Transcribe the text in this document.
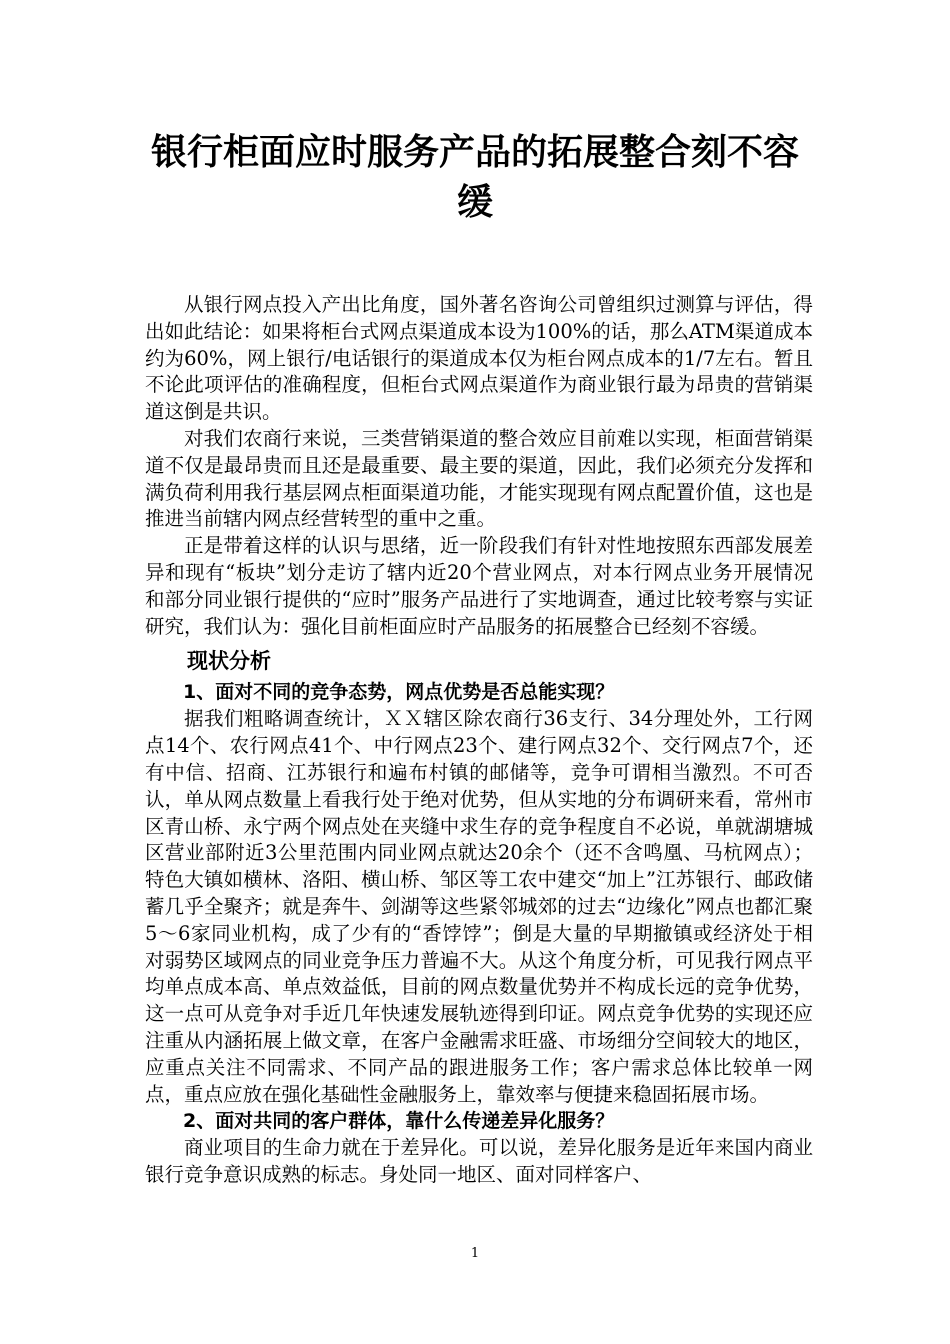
银行柜面应时服务产品的拓展整合刻不容缓

从银行网点投入产出比角度，国外著名咨询公司曾组织过测算与评估，得出如此结论：如果将柜台式网点渠道成本设为100%的话，那么ATM渠道成本约为60%，网上银行/电话银行的渠道成本仅为柜台网点成本的1/7左右。暂且不论此项评估的准确程度，但柜台式网点渠道作为商业银行最为昂贵的营销渠道这倒是共识。

对我们农商行来说，三类营销渠道的整合效应目前难以实现，柜面营销渠道不仅是最昂贵而且还是最重要、最主要的渠道，因此，我们必须充分发挥和满负荷利用我行基层网点柜面渠道功能，才能实现现有网点配置价值，这也是推进当前辖内网点经营转型的重中之重。

正是带着这样的认识与思绪，近一阶段我们有针对性地按照东西部发展差异和现有“板块”划分走访了辖内近20个营业网点，对本行网点业务开展情况和部分同业银行提供的“应时”服务产品进行了实地调查，通过比较考察与实证研究，我们认为：强化目前柜面应时产品服务的拓展整合已经刻不容缓。

现状分析
1、面对不同的竞争态势，网点优势是否总能实现？

据我们粗略调查统计，ＸＸ辖区除农商行36支行、34分理处外，工行网点14个、农行网点41个、中行网点23个、建行网点32个、交行网点7个，还有中信、招商、江苏银行和遍布村镇的邮储等，竞争可谓相当激烈。不可否认，单从网点数量上看我行处于绝对优势，但从实地的分布调研来看，常州市区青山桥、永宁两个网点处在夹缝中求生存的竞争程度自不必说，单就湖塘城区营业部附近3公里范围内同业网点就达20余个（还不含鸣凰、马杭网点）；特色大镇如横林、洛阳、横山桥、邹区等工农中建交“加上”江苏银行、邮政储蓄几乎全聚齐；就是奔牛、剑湖等这些紧邻城郊的过去“边缘化”网点也都汇聚5～6家同业机构，成了少有的“香饽饽”；倒是大量的早期撤镇或经济处于相对弱势区域网点的同业竞争压力普遍不大。从这个角度分析，可见我行网点平均单点成本高、单点效益低，目前的网点数量优势并不构成长远的竞争优势，这一点可从竞争对手近几年快速发展轨迹得到印证。网点竞争优势的实现还应注重从内涵拓展上做文章，在客户金融需求旺盛、市场细分空间较大的地区，应重点关注不同需求、不同产品的跟进服务工作；客户需求总体比较单一网点，重点应放在强化基础性金融服务上，靠效率与便捷来稳固拓展市场。

2、面对共同的客户群体，靠什么传递差异化服务？

商业项目的生命力就在于差异化。可以说，差异化服务是近年来国内商业银行竞争意识成熟的标志。身处同一地区、面对同样客户、

1
